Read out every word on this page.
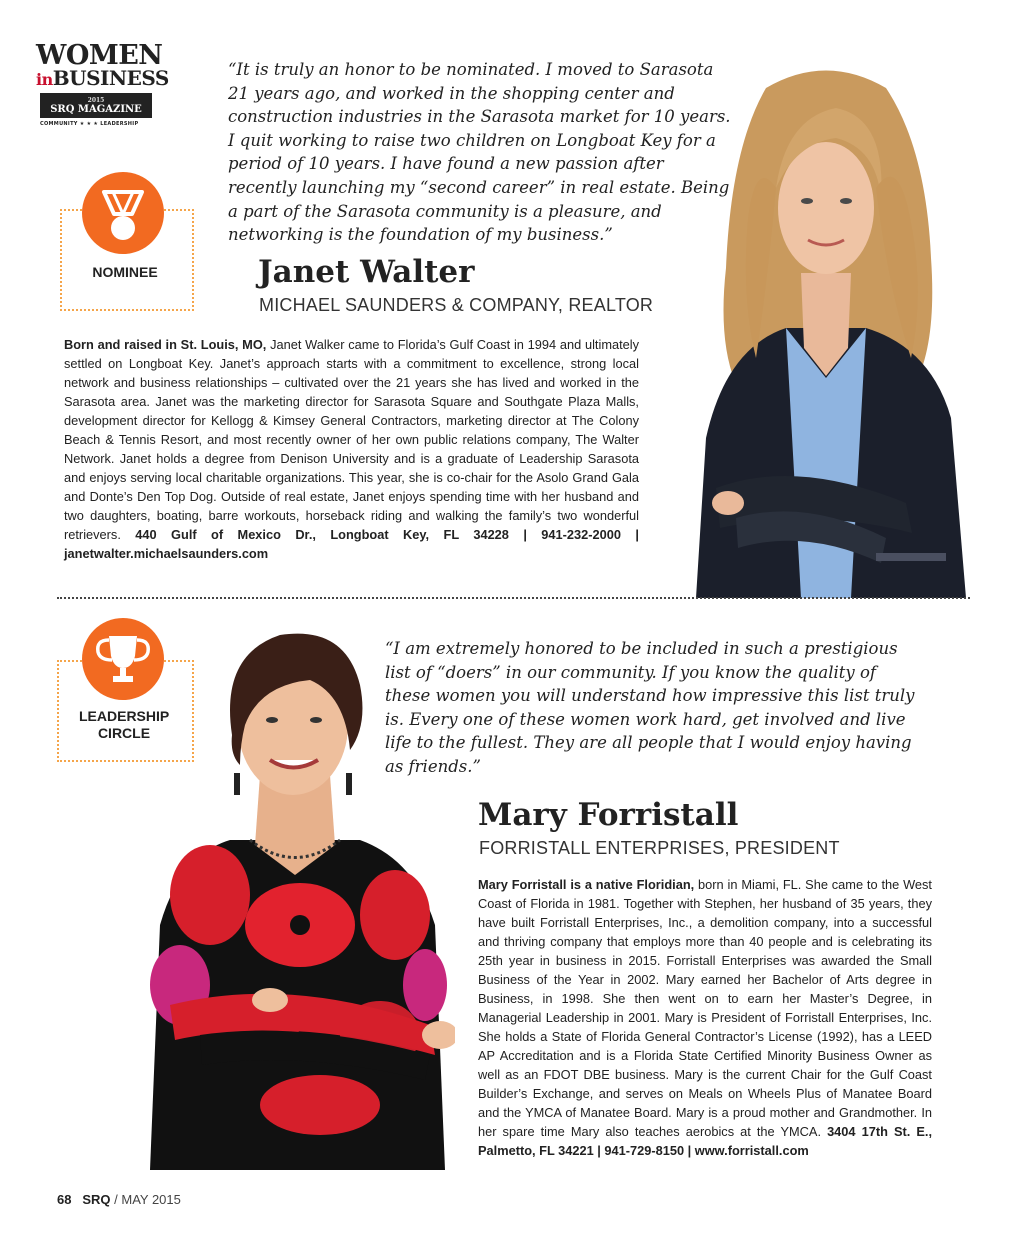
WOMEN
inBUSINESS
2015
SRQ MAGAZINE
COMMUNITY ★ ★ ★ LEADERSHIP
NOMINEE

“It is truly an honor to be nominated. I moved to Sarasota 21 years ago, and worked in the shopping center and construction industries in the Sarasota market for 10 years. I quit working to raise two children on Longboat Key for a period of 10 years. I have found a new passion after recently launching my “second career” in real estate. Being a part of the Sarasota community is a pleasure, and networking is the foundation of my business.”

Janet Walter
MICHAEL SAUNDERS & COMPANY, REALTOR

Born and raised in St. Louis, MO, Janet Walker came to Florida’s Gulf Coast in 1994 and ultimately settled on Longboat Key. Janet’s approach starts with a commitment to excellence, strong local network and business relationships – cultivated over the 21 years she has lived and worked in the Sarasota area. Janet was the marketing director for Sarasota Square and Southgate Plaza Malls, development director for Kellogg & Kimsey General Contractors, marketing director at The Colony Beach & Tennis Resort, and most recently owner of her own public relations company, The Walter Network. Janet holds a degree from Denison University and is a graduate of Leadership Sarasota and enjoys serving local charitable organizations. This year, she is co-chair for the Asolo Grand Gala and Donte’s Den Top Dog. Outside of real estate, Janet enjoys spending time with her husband and two daughters, boating, barre workouts, horseback riding and walking the family’s two wonderful retrievers. 440 Gulf of Mexico Dr., Longboat Key, FL 34228 | 941-232-2000 | janetwalter.michaelsaunders.com

LEADERSHIP CIRCLE

“I am extremely honored to be included in such a prestigious list of “doers” in our community. If you know the quality of these women you will understand how impressive this list truly is. Every one of these women work hard, get involved and live life to the fullest. They are all people that I would enjoy having as friends.”

Mary Forristall
FORRISTALL ENTERPRISES, PRESIDENT

Mary Forristall is a native Floridian, born in Miami, FL. She came to the West Coast of Florida in 1981. Together with Stephen, her husband of 35 years, they have built Forristall Enterprises, Inc., a demolition company, into a successful and thriving company that employs more than 40 people and is celebrating its 25th year in business in 2015. Forristall Enterprises was awarded the Small Business of the Year in 2002. Mary earned her Bachelor of Arts degree in Business, in 1998. She then went on to earn her Master’s Degree, in Managerial Leadership in 2001. Mary is President of Forristall Enterprises, Inc. She holds a State of Florida General Contractor’s License (1992), has a LEED AP Accreditation and is a Florida State Certified Minority Business Owner as well as an FDOT DBE business. Mary is the current Chair for the Gulf Coast Builder’s Exchange, and serves on Meals on Wheels Plus of Manatee Board and the YMCA of Manatee Board. Mary is a proud mother and Grandmother. In her spare time Mary also teaches aerobics at the YMCA. 3404 17th St. E., Palmetto, FL 34221 | 941-729-8150 | www.forristall.com

68 SRQ / MAY 2015
